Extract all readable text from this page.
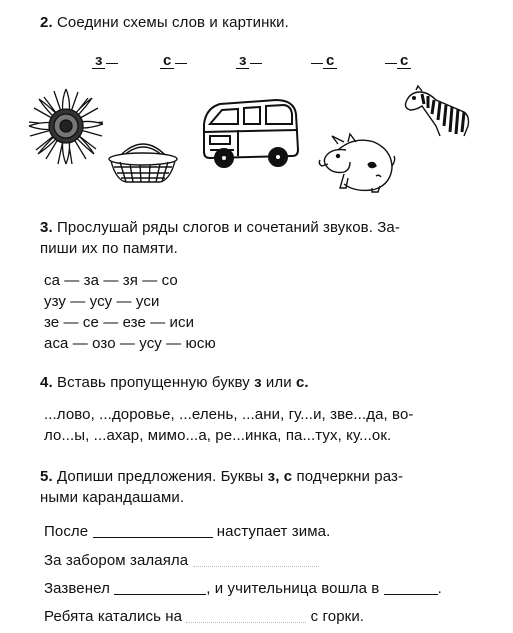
2. Соедини схемы слов и картинки.
з	с	з	с	с
3. Прослушай ряды слогов и сочетаний звуков. За-
пиши их по памяти.
са — за — зя — со
узу — усу — уси
зе — се — езе — иси
аса — озо — усу — юсю
4. Вставь пропущенную букву з или с.
...лово, ...доровье, ...елень, ...ани, гу...и, зве...да, во-
ло...ы, ...ахар, мимо...а, ре...инка, па...тух, ку...ок.
5. Допиши предложения. Буквы з, с подчеркни раз-
ными карандашами.
После	наступает зима.
За забором залаяла
Зазвенел	, и учительница вошла в	.
Ребята катались на	с горки.
